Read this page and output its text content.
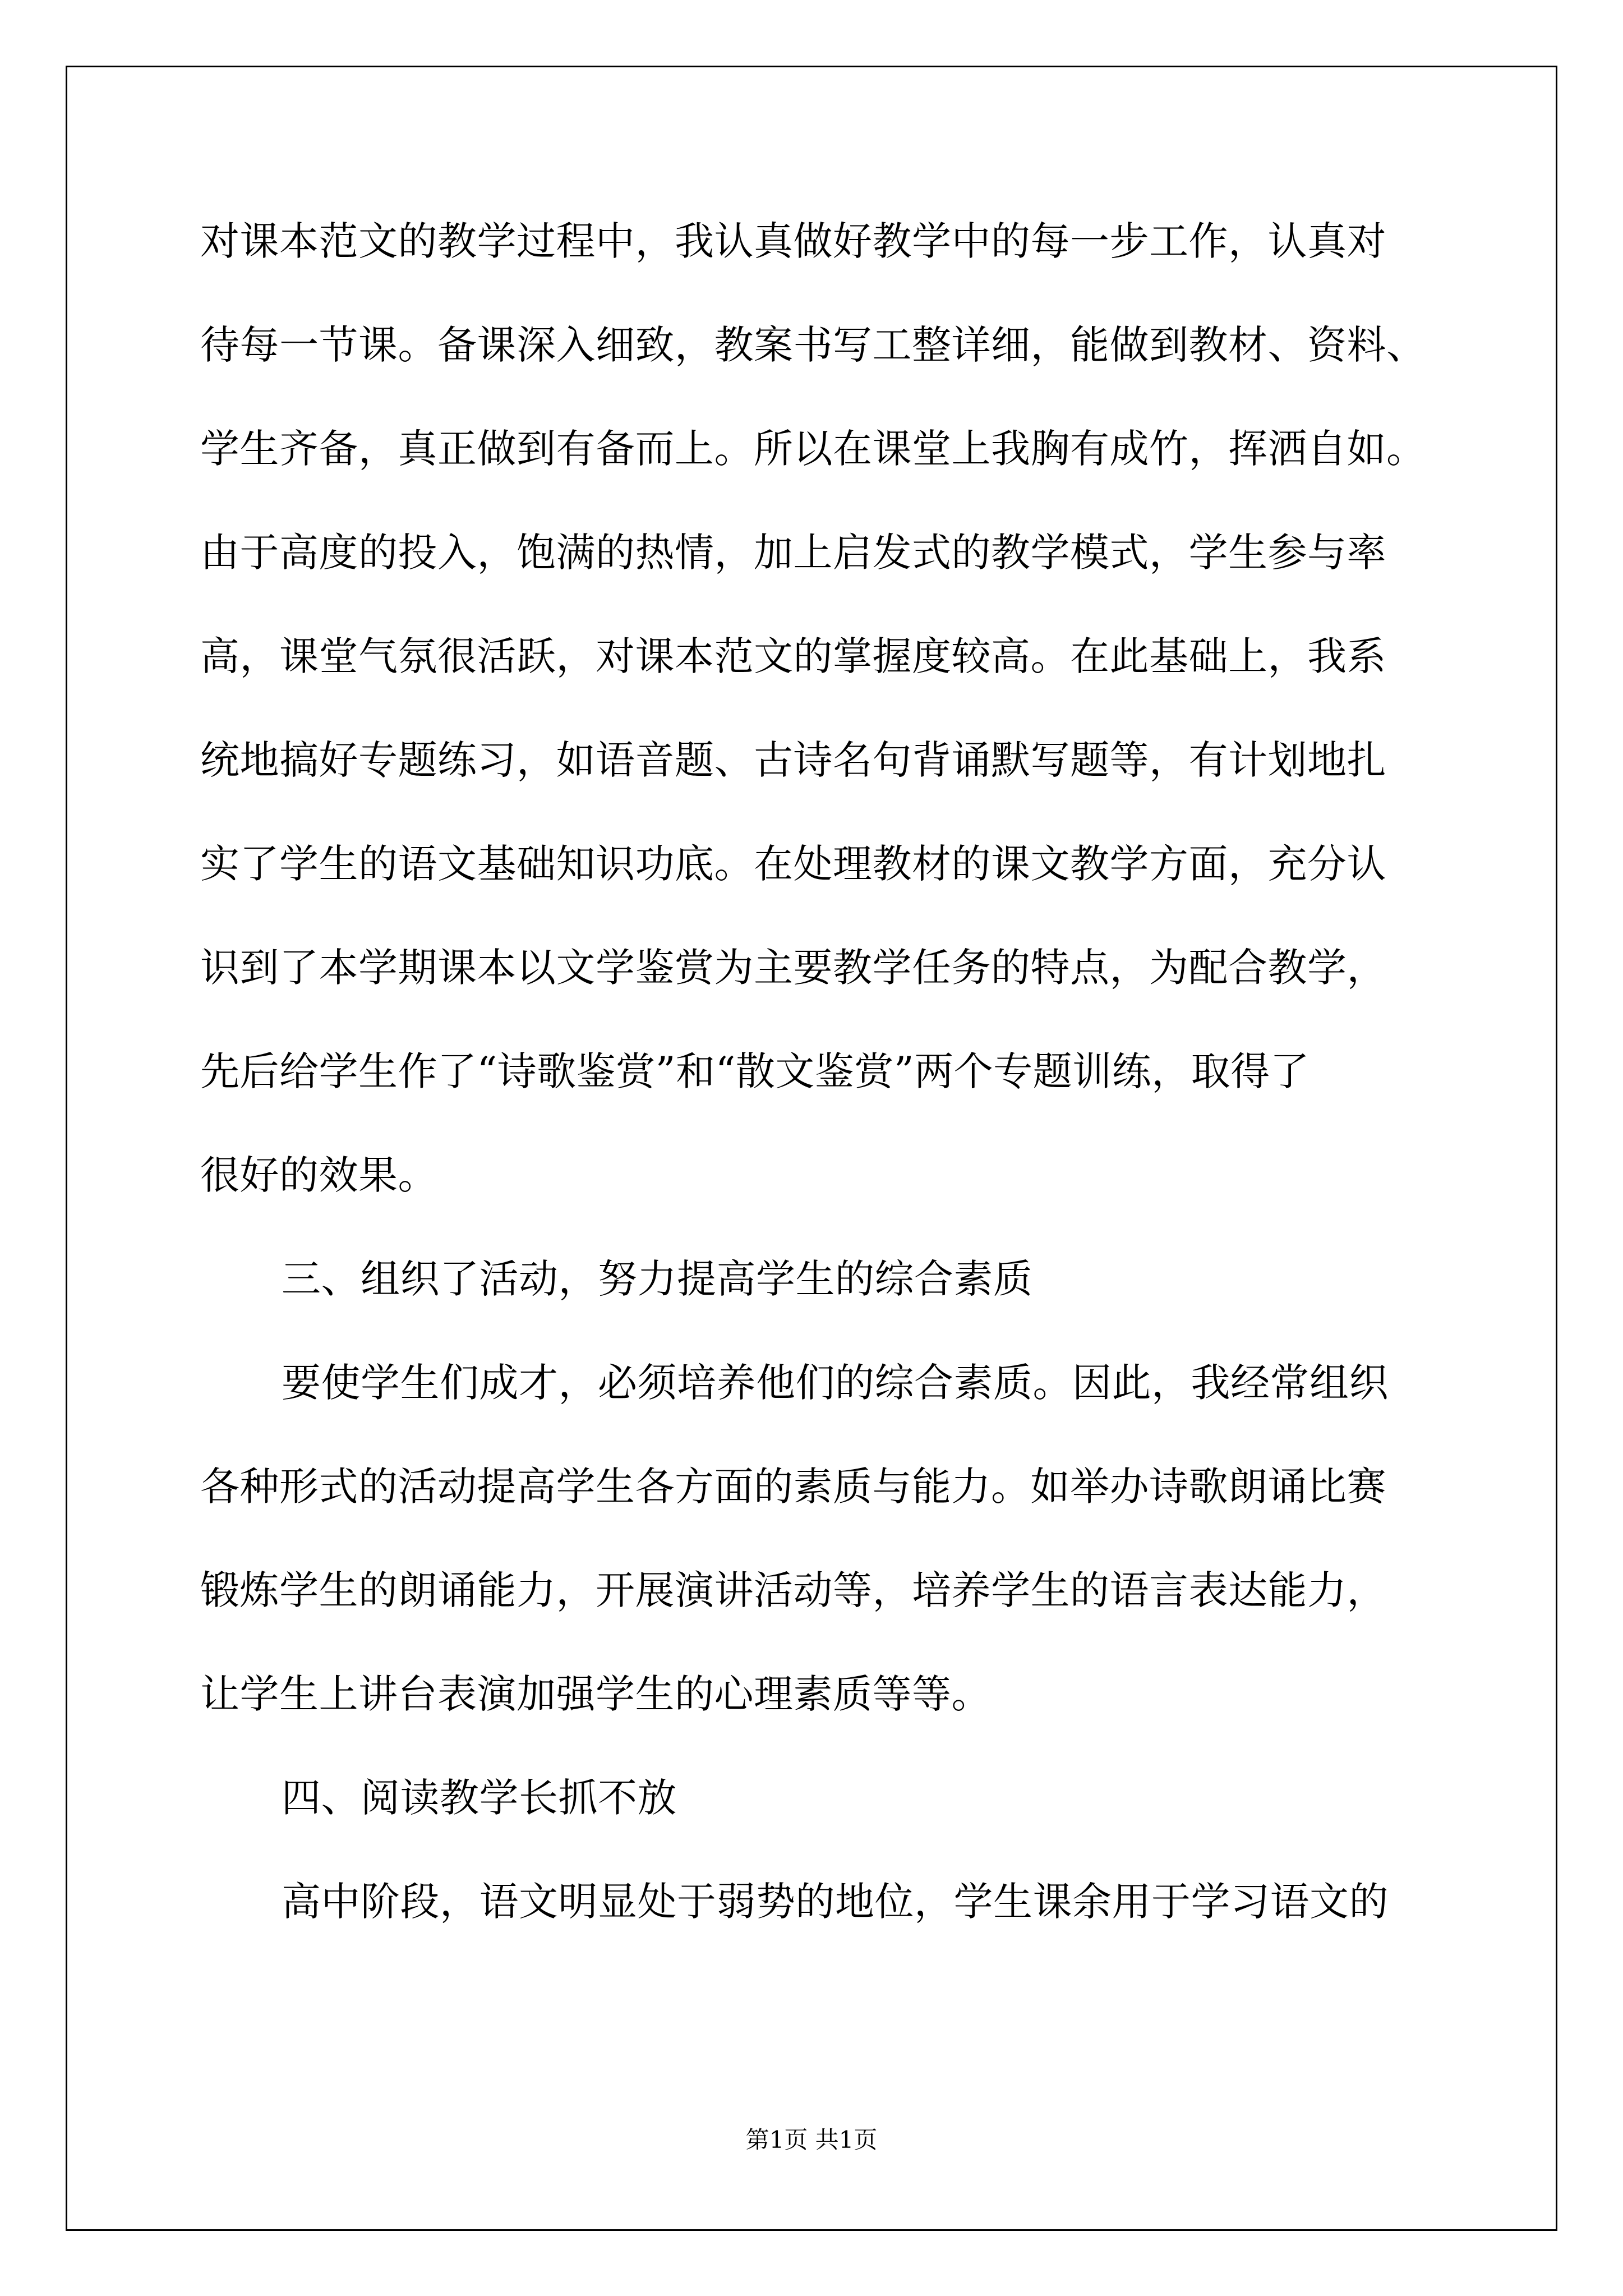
对课本范文的教学过程中，我认真做好教学中的每一步工作，认真对
待每一节课。备课深入细致，教案书写工整详细，能做到教材、资料、
学生齐备，真正做到有备而上。所以在课堂上我胸有成竹，挥洒自如。
由于高度的投入，饱满的热情，加上启发式的教学模式，学生参与率
高，课堂气氛很活跃，对课本范文的掌握度较高。在此基础上，我系
统地搞好专题练习，如语音题、古诗名句背诵默写题等，有计划地扎
实了学生的语文基础知识功底。在处理教材的课文教学方面，充分认
识到了本学期课本以文学鉴赏为主要教学任务的特点，为配合教学，
先后给学生作了“诗歌鉴赏”和“散文鉴赏”两个专题训练，取得了
很好的效果。
三、组织了活动，努力提高学生的综合素质
要使学生们成才，必须培养他们的综合素质。因此，我经常组织
各种形式的活动提高学生各方面的素质与能力。如举办诗歌朗诵比赛
锻炼学生的朗诵能力，开展演讲活动等，培养学生的语言表达能力，
让学生上讲台表演加强学生的心理素质等等。
四、阅读教学长抓不放
高中阶段，语文明显处于弱势的地位，学生课余用于学习语文的
第1页 共1页
